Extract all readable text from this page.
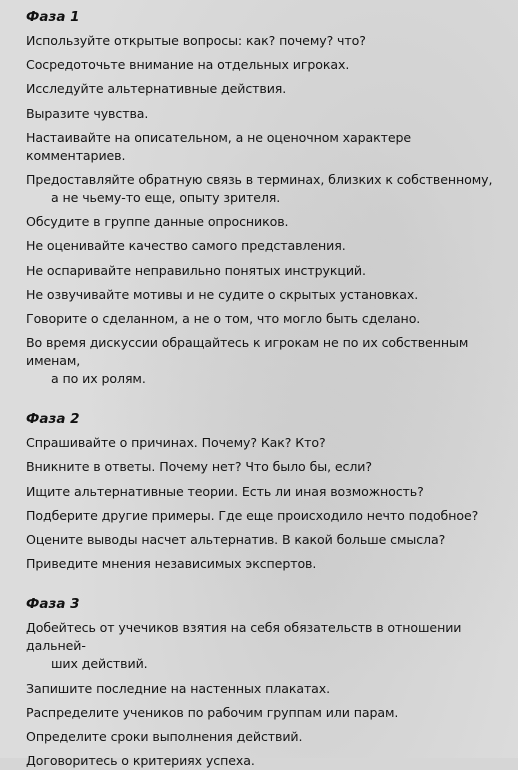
Фаза 1
Используйте открытые вопросы: как? почему? что?
Сосредоточьте внимание на отдельных игроках.
Исследуйте альтернативные действия.
Выразите чувства.
Настаивайте на описательном, а не оценочном характере комментариев.
Предоставляйте обратную связь в терминах, близких к собственному,
а не чьему-то еще, опыту зрителя.
Обсудите в группе данные опросников.
Не оценивайте качество самого представления.
Не оспаривайте неправильно понятых инструкций.
Не озвучивайте мотивы и не судите о скрытых установках.
Говорите о сделанном, а не о том, что могло быть сделано.
Во время дискуссии обращайтесь к игрокам не по их собственным именам,
а по их ролям.
Фаза 2
Спрашивайте о причинах. Почему? Как? Кто?
Вникните в ответы. Почему нет? Что было бы, если?
Ищите альтернативные теории. Есть ли иная возможность?
Подберите другие примеры. Где еще происходило нечто подобное?
Оцените выводы насчет альтернатив. В какой больше смысла?
Приведите мнения независимых экспертов.
Фаза 3
Добейтесь от учечиков взятия на себя обязательств в отношении дальней-
ших действий.
Запишите последние на настенных плакатах.
Распределите учеников по рабочим группам или парам.
Определите сроки выполнения действий.
Договоритесь о критериях успеха.
